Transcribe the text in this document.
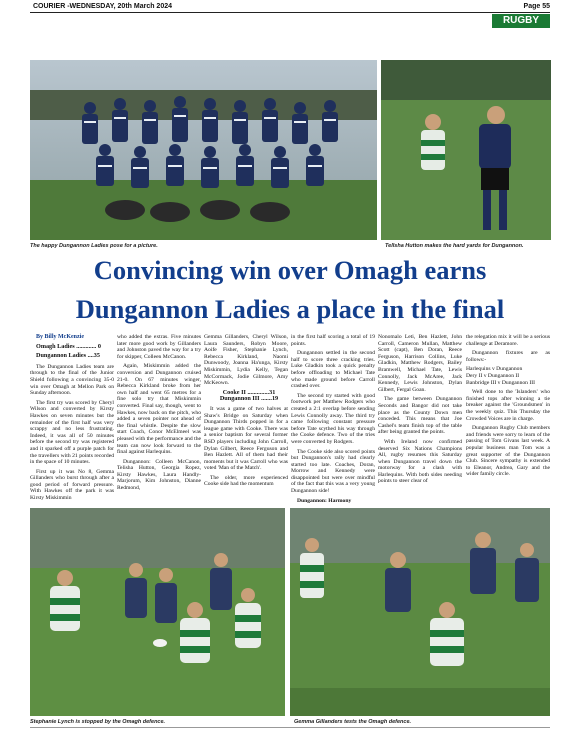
COURIER -WEDNESDAY, 20th March 2024	Page 55
RUGBY
The happy Dungannon Ladies pose for a picture.	Tellsha Hutton makes the hard yards for Dungannon.
Convincing win over Omagh earns
Dungannon Ladies a place in the final

By Billy McKenzie

Omagh Ladies ............. 0

Dungannon Ladies ....35

The Dungannon Ladies team are through to the final of the Junior Shield following a convincing 35-0 win over Omagh at Mellon Park on Sunday afternoon.

The first try was scored by Cheryl Wilson and converted by Kirsty Hawkes on seven minutes but the remainder of the first half was very scrappy and no less frustrating. Indeed, it was all of 50 minutes before the second try was registered and it sparked off a purple patch for the travellers with 21 points recorded in the space of 10 minutes.

First up it was No 8, Gemma Gillanders who burst through after a good period of forward pressure. With Hawkes off the park it was Kirsty Miskimmin

who added the extras. Five minutes later more good work by Gillanders and Johnston paved the way for a try for skipper, Colleen McCanon.

Again, Miskimmin added the conversion and Dungannon cruised 21-0. On 67 minutes winger, Rebecca Kirkland broke from her own half and went 65 metres for a fine solo try that Miskimmin converted. Final say, though, went to Hawkes, now back on the pitch, who added a seven pointer not ahead of the final whistle. Despite the slow start Coach, Conor McElmeel was pleased with the performance and the team can now look forward to the final against Harlequins.

Dungannon: Colleen McCanon, Telisha Hutton, Georgia Ropez, Kirsty Hawkes, Laura Handly-Marjorum, Kim Johnston, Dianne Redmond,

Gemma Gillanders, Cheryl Wilson, Laura Saunders, Robyn Moore, Aoife Fisher, Stephanie Lynch, Rebecca Kirkland, Naomi Dunwoody, Joanna Ha'unga, Kirsty Miskimmin, Lydia Kelly, Tegan McCormack, Jodie Gilmore, Amy McKeown.

Cooke II ..............31

Dungannon III .......19

It was a game of two halves at Shaw's Bridge on Saturday when Dungannon Thirds popped in for a league game with Cooke. There was a senior baptism for several former RSD players including John Carroll, Dylan Gilbert, Reece Ferguson and Ben Hazlett. All of them had their moments but it was Carroll who was voted 'Man of the Match'.

The older, more experienced Cooke side had the momentum

in the first half scoring a total of 19 points.

Dungannon settled in the second half to score three cracking tries. Luke Gladkin took a quick penalty before offloading to Michael Tate who made ground before Carroll crashed over.

The second try started with good footwork per Matthew Rodgers who created a 2:1 overlap before sending Lewis Connolly away. The third try came following constant pressure before Tate scythed his way through the Cooke defence. Two of the tries were converted by Rodgers.

The Cooke side also scored points but Dungannon's rally had clearly started too late. Coaches, Doran, Morrow and Kennedy were disappointed but were over mindful of the fact that this was a very young Dungannon side!

Dungannon: Harmony

Nonomalo Leti, Ben Hazlett, John Carroll, Cameron Mullan, Matthew Scott (capt), Ben Doran, Reece Ferguson, Harrison Collins, Luke Gladkin, Matthew Rodgers, Bailey Bramwell, Michael Tate, Lewis Connolly, Jack McAree, Jack Kennedy, Lewis Johnston, Dylan Gilbert, Fergal Goan.

The game between Dungannon Seconds and Bangor did not take place as the County Down men conceded. This means that Joe Cashel's team finish top of the table after being granted the points.

With Ireland now confirmed deserved Six Nations Champions All, rugby resumes this Saturday when Dungannon travel down the motorway for a clash with Harlequins. With both sides needing points to steer clear of

the relegation mix it will be a serious challenge at Deramore.

Dungannon fixtures are as follows:-

Harlequins v Dungannon

Dery II v Dungannon II

Banbridge III v Dungannon III

Well done to the 'Islanders' who finished tops after winning a tie breaker against the 'Groundsmen' in the weekly quiz. This Thursday the Crowded Voices are in charge.

Dungannon Rugby Club members and friends were sorry to learn of the passing of Tom Givans last week. A popular business man Tom was a great supporter of the Dungannon Club. Sincere sympathy is extended to Eleanor, Andrea, Gary and the wider family circle.

Stephanie Lynch is stopped by the Omagh defence.	Gemma Gillanders tests the Omagh defence.
